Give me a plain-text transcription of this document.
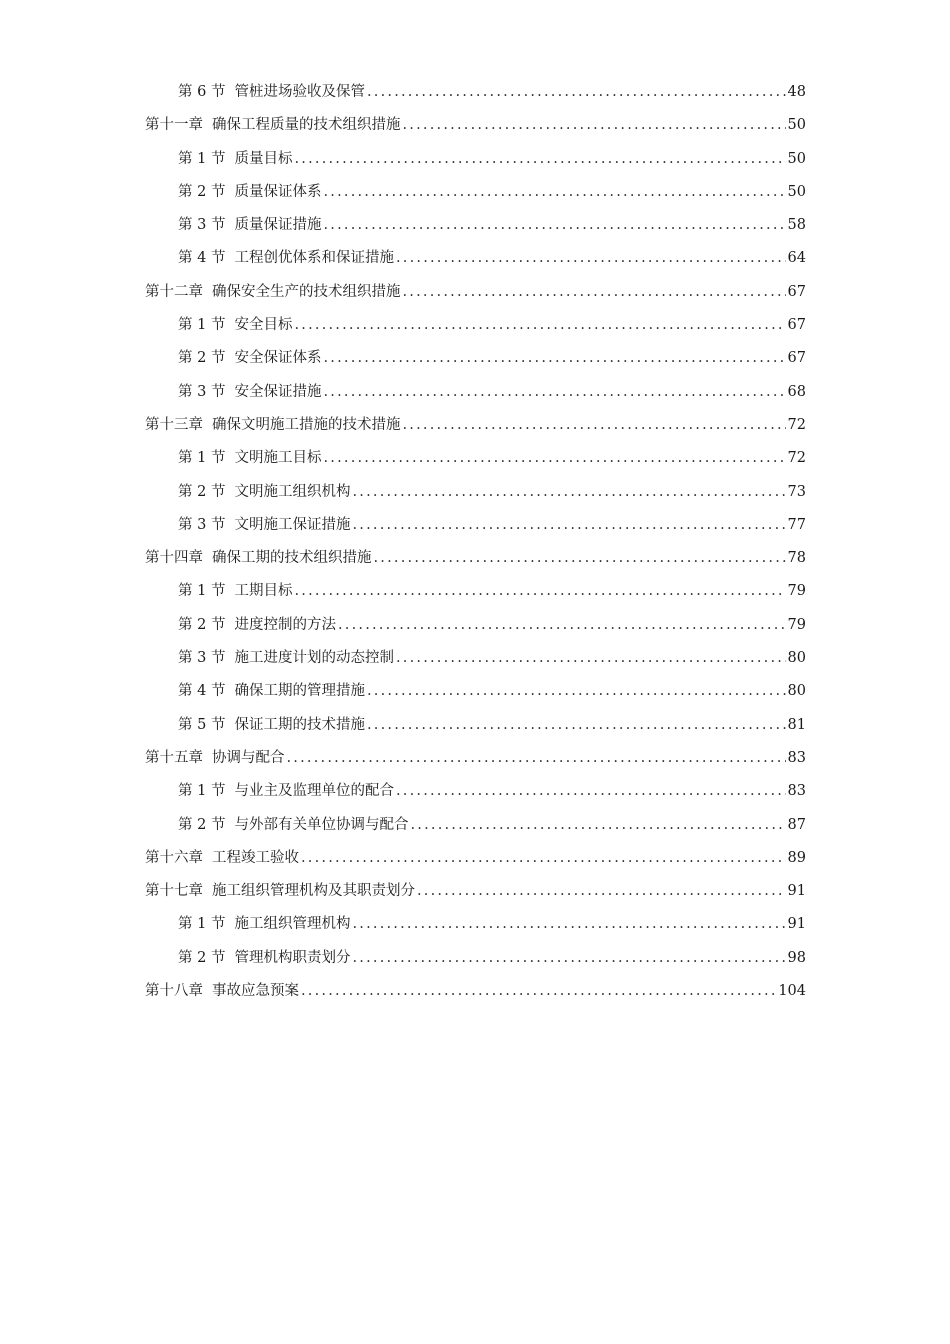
第 6 节 管桩进场验收及保管 .....	48
第十一章 确保工程质量的技术组织措施 .....	50
第 1 节 质量目标 .....	50
第 2 节 质量保证体系 .....	50
第 3 节 质量保证措施 .....	58
第 4 节 工程创优体系和保证措施 .....	64
第十二章 确保安全生产的技术组织措施 .....	67
第 1 节 安全目标 .....	67
第 2 节 安全保证体系 .....	67
第 3 节 安全保证措施 .....	68
第十三章 确保文明施工措施的技术措施 .....	72
第 1 节 文明施工目标 .....	72
第 2 节 文明施工组织机构 .....	73
第 3 节 文明施工保证措施 .....	77
第十四章 确保工期的技术组织措施 .....	78
第 1 节 工期目标 .....	79
第 2 节 进度控制的方法 .....	79
第 3 节 施工进度计划的动态控制 .....	80
第 4 节 确保工期的管理措施 .....	80
第 5 节 保证工期的技术措施 .....	81
第十五章 协调与配合 .....	83
第 1 节 与业主及监理单位的配合 .....	83
第 2 节 与外部有关单位协调与配合 .....	87
第十六章 工程竣工验收 .....	89
第十七章 施工组织管理机构及其职责划分 .....	91
第 1 节 施工组织管理机构 .....	91
第 2 节 管理机构职责划分 .....	98
第十八章 事故应急预案 .....	104
